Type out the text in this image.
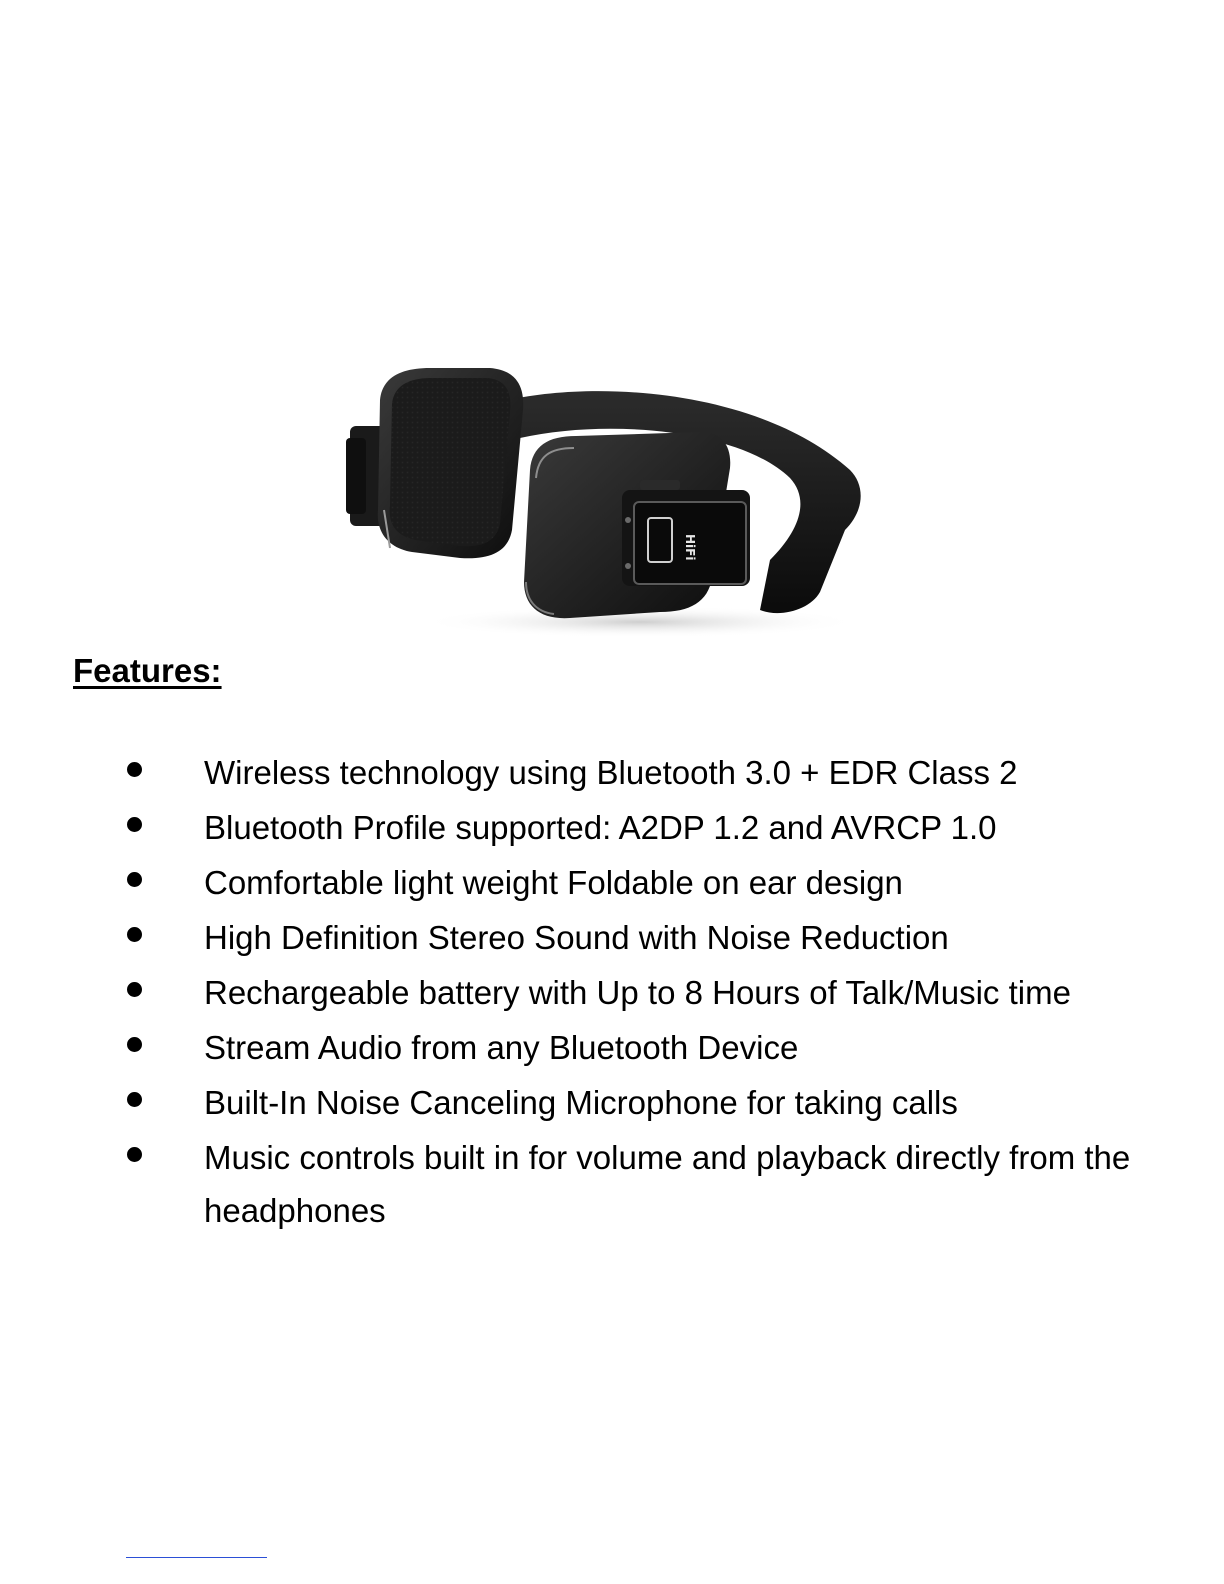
HiFi
Features:
Wireless technology using Bluetooth 3.0 + EDR Class 2
Bluetooth Profile supported: A2DP 1.2 and AVRCP 1.0
Comfortable light weight Foldable on ear design
High Definition Stereo Sound with Noise Reduction
Rechargeable battery with Up to 8 Hours of Talk/Music time
Stream Audio from any Bluetooth Device
Built-In Noise Canceling Microphone for taking calls
Music controls built in for volume and playback directly from the headphones
